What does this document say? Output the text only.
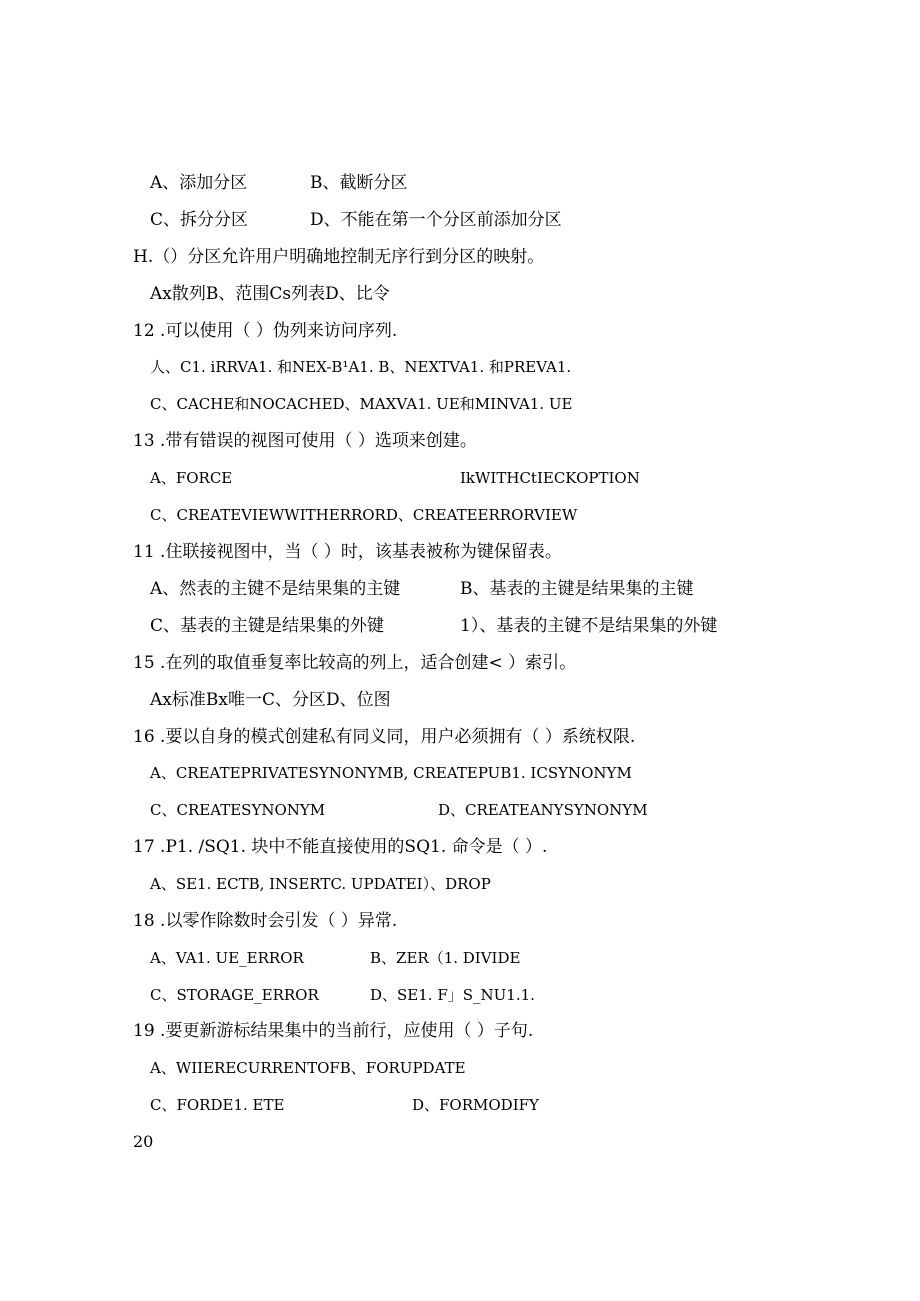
A、添加分区	B、截断分区
C、拆分分区	D、不能在第一个分区前添加分区
H.（）分区允许用户明确地控制无序行到分区的映射。
Ax散列B、范围Cs列表D、比令
12 .可以使用（ ）伪列来访问序列.
人、C1. iRRVA1. 和NEX-B¹A1. B、NEXTVA1. 和PREVA1.
C、CACHE和NOCACHED、MAXVA1. UE和MINVA1. UE
13 .带有错误的视图可使用（ ）选项来创建。
A、FORCE	IkWITHCtIECKOPTION
C、CREATEVIEWWITHERRORD、CREATEERRORVIEW
11 .住联接视图中，当（ ）时，该基表被称为键保留表。
A、然表的主键不是结果集的主键	B、基表的主键是结果集的主键
C、基表的主键是结果集的外键	1）、基表的主键不是结果集的外键
15 .在列的取值垂复率比较高的列上，适合创建< ）索引。
Ax标准Bx唯一C、分区D、位图
16 .要以自身的模式创建私有同义同，用户必须拥有（ ）系统权限.
A、CREATEPRIVATESYNONYMB, CREATEPUB1. ICSYNONYM
C、CREATESYNONYM	D、CREATEANYSYNONYM
17 .P1. /SQ1. 块中不能直接使用的SQ1. 命令是（ ）.
A、SE1. ECTB, INSERTC. UPDATEI）、DROP
18 .以零作除数时会引发（ ）异常.
A、VA1. UE_ERROR	B、ZER（1. DIVIDE
C、STORAGE_ERROR	D、SE1. F」S_NU1.1.
19 .要更新游标结果集中的当前行，应使用（ ）子句.
A、WIIERECURRENTOFB、FORUPDATE
C、FORDE1. ETE	D、FORMODIFY
20
